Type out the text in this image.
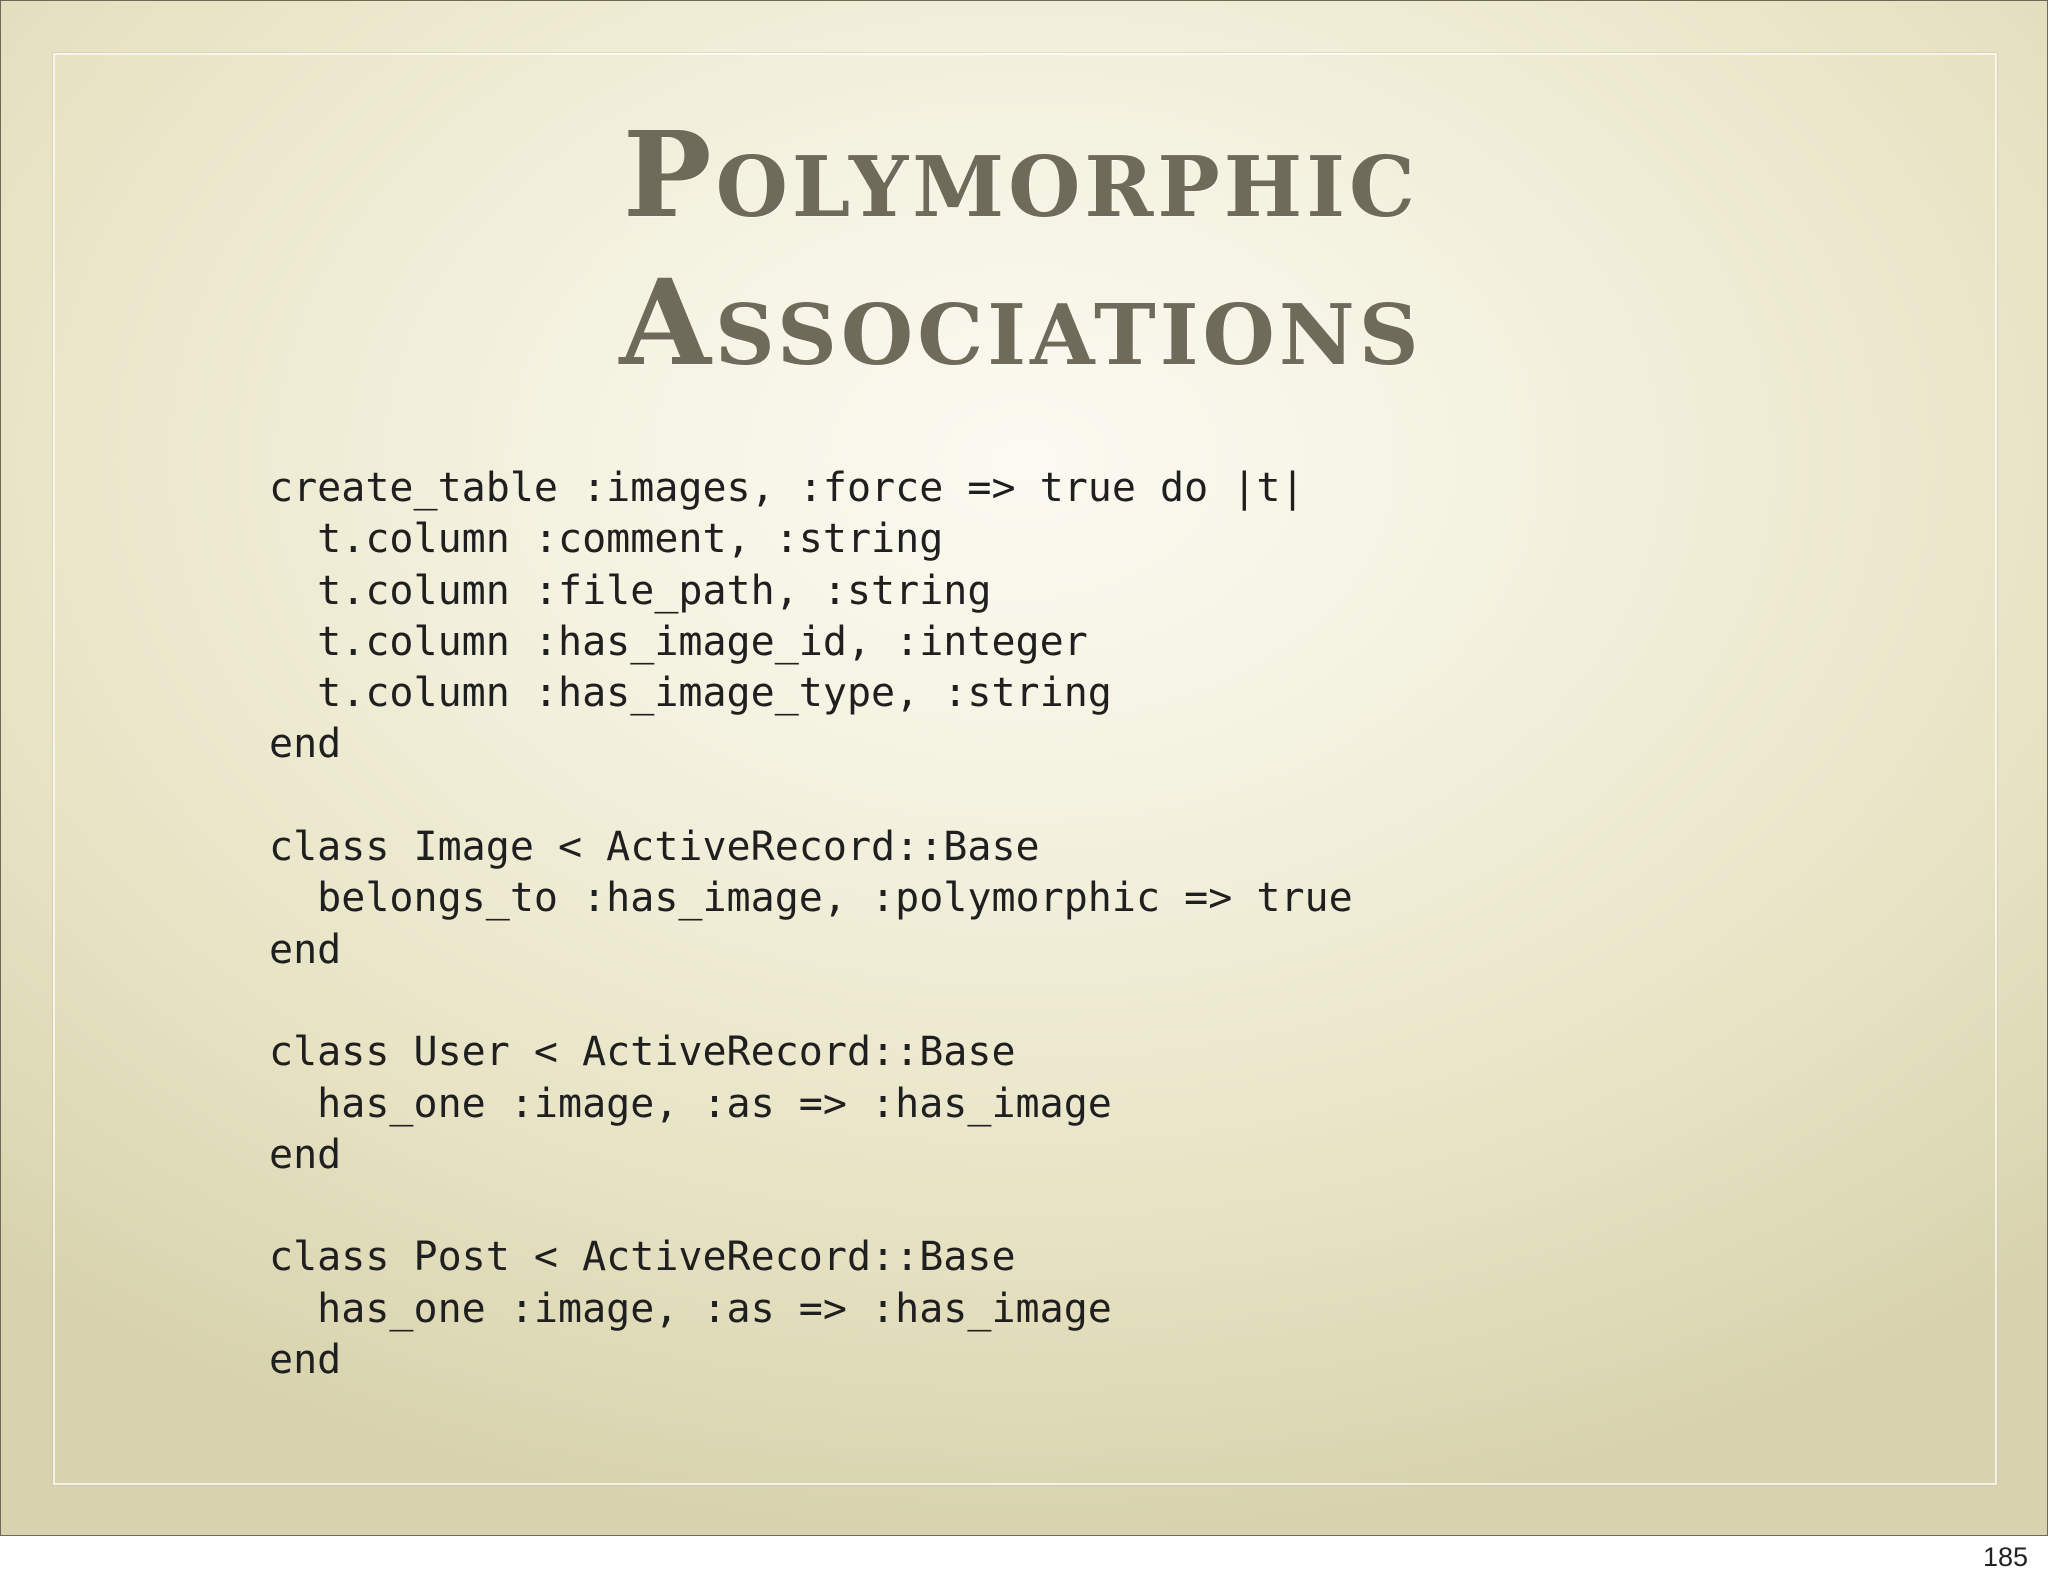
Polymorphic
Associations
create_table :images, :force => true do |t|
t.column :comment, :string
t.column :file_path, :string
t.column :has_image_id, :integer
t.column :has_image_type, :string
end
class Image < ActiveRecord::Base
belongs_to :has_image, :polymorphic => true
end
class User < ActiveRecord::Base
has_one :image, :as => :has_image
end
class Post < ActiveRecord::Base
has_one :image, :as => :has_image
end
185
